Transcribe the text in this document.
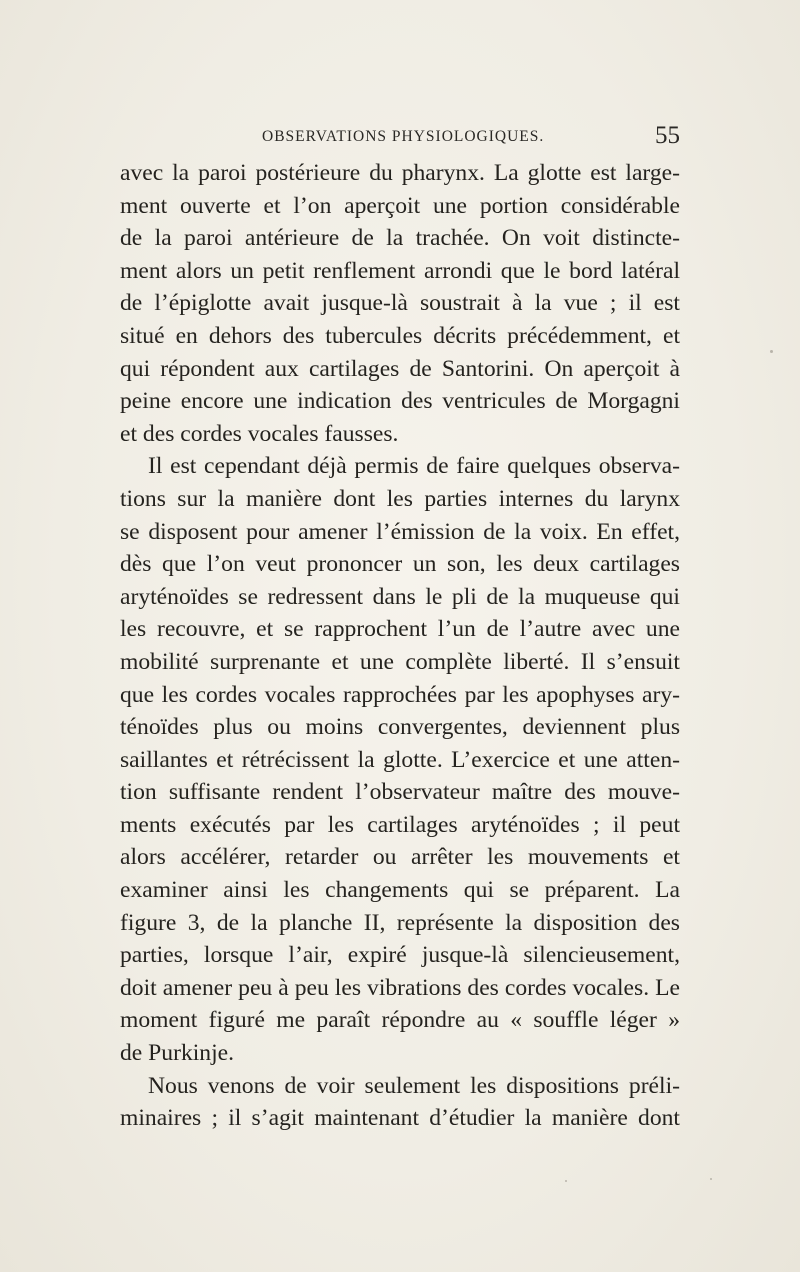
OBSERVATIONS PHYSIOLOGIQUES.	55
avec la paroi postérieure du pharynx. La glotte est large-
ment ouverte et l’on aperçoit une portion considérable
de la paroi antérieure de la trachée. On voit distincte-
ment alors un petit renflement arrondi que le bord latéral
de l’épiglotte avait jusque-là soustrait à la vue ; il est
situé en dehors des tubercules décrits précédemment, et
qui répondent aux cartilages de Santorini. On aperçoit à
peine encore une indication des ventricules de Morgagni
et des cordes vocales fausses.
Il est cependant déjà permis de faire quelques observa-
tions sur la manière dont les parties internes du larynx
se disposent pour amener l’émission de la voix. En effet,
dès que l’on veut prononcer un son, les deux cartilages
aryténoïdes se redressent dans le pli de la muqueuse qui
les recouvre, et se rapprochent l’un de l’autre avec une
mobilité surprenante et une complète liberté. Il s’ensuit
que les cordes vocales rapprochées par les apophyses ary-
ténoïdes plus ou moins convergentes, deviennent plus
saillantes et rétrécissent la glotte. L’exercice et une atten-
tion suffisante rendent l’observateur maître des mouve-
ments exécutés par les cartilages aryténoïdes ; il peut
alors accélérer, retarder ou arrêter les mouvements et
examiner ainsi les changements qui se préparent. La
figure 3, de la planche II, représente la disposition des
parties, lorsque l’air, expiré jusque-là silencieusement,
doit amener peu à peu les vibrations des cordes vocales. Le
moment figuré me paraît répondre au « souffle léger »
de Purkinje.
Nous venons de voir seulement les dispositions préli-
minaires ; il s’agit maintenant d’étudier la manière dont
